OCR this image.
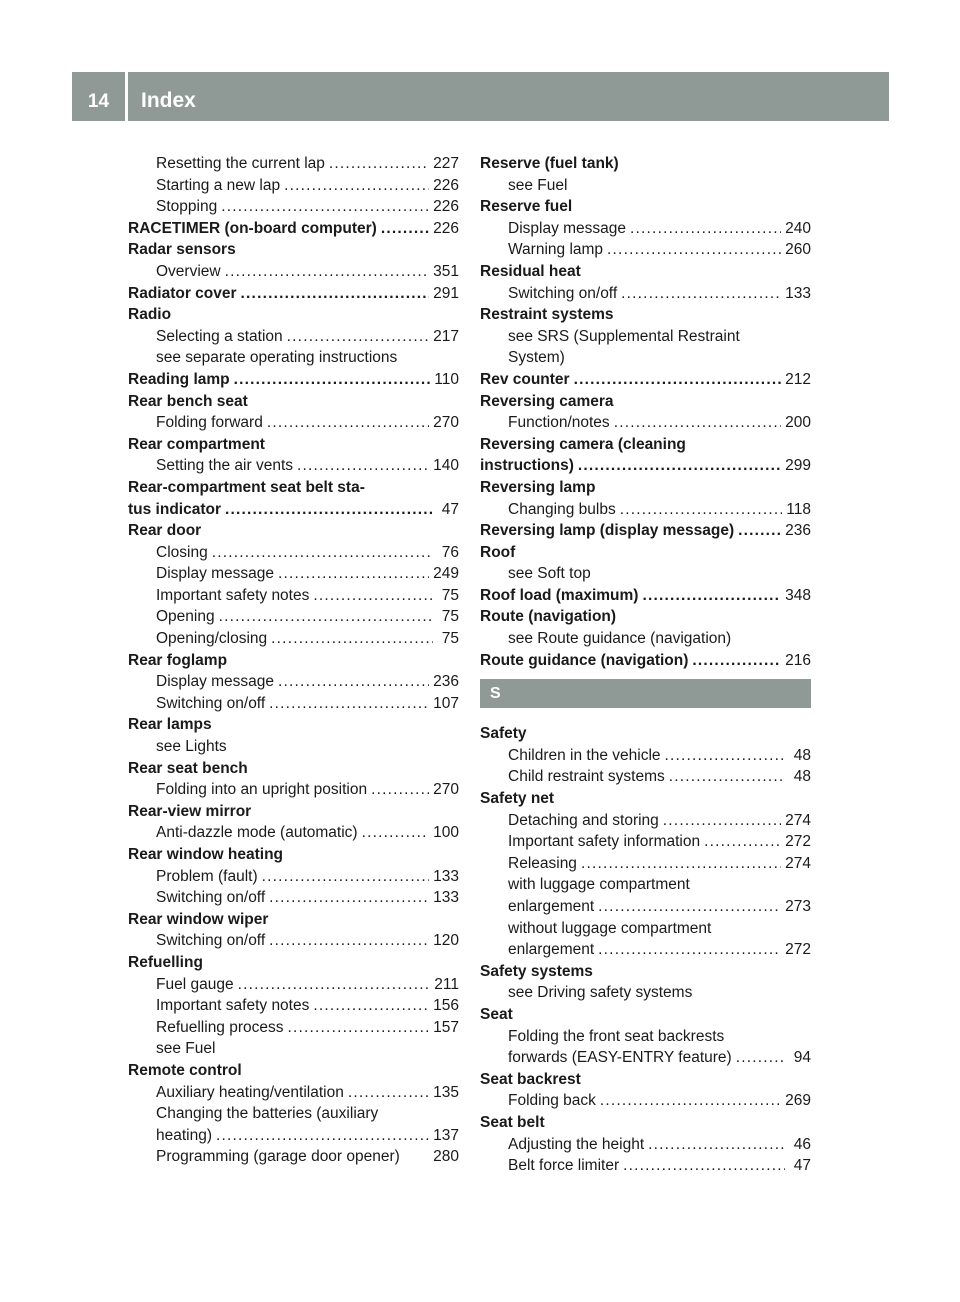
14	Index
Resetting the current lap .....	227
Starting a new lap .....	226
Stopping .....	226
RACETIMER (on-board computer) .....	226
Radar sensors
Overview .....	351
Radiator cover .....	291
Radio
Selecting a station .....	217
see separate operating instructions
Reading lamp .....	110
Rear bench seat
Folding forward .....	270
Rear compartment
Setting the air vents .....	140
Rear-compartment seat belt sta-
tus indicator .....	47
Rear door
Closing .....	76
Display message .....	249
Important safety notes .....	75
Opening .....	75
Opening/closing .....	75
Rear foglamp
Display message .....	236
Switching on/off .....	107
Rear lamps
see Lights
Rear seat bench
Folding into an upright position .....	270
Rear-view mirror
Anti-dazzle mode (automatic) .....	100
Rear window heating
Problem (fault) .....	133
Switching on/off .....	133
Rear window wiper
Switching on/off .....	120
Refuelling
Fuel gauge .....	211
Important safety notes .....	156
Refuelling process .....	157
see Fuel
Remote control
Auxiliary heating/ventilation .....	135
Changing the batteries (auxiliary
heating) .....	137
Programming (garage door opener) 280
Reserve (fuel tank)
see Fuel
Reserve fuel
Display message .....	240
Warning lamp .....	260
Residual heat
Switching on/off .....	133
Restraint systems
see SRS (Supplemental Restraint
System)
Rev counter .....	212
Reversing camera
Function/notes .....	200
Reversing camera (cleaning
instructions) .....	299
Reversing lamp
Changing bulbs .....	118
Reversing lamp (display message) .....	236
Roof
see Soft top
Roof load (maximum) .....	348
Route (navigation)
see Route guidance (navigation)
Route guidance (navigation) .....	216
S
Safety
Children in the vehicle .....	48
Child restraint systems .....	48
Safety net
Detaching and storing .....	274
Important safety information .....	272
Releasing .....	274
with luggage compartment
enlargement .....	273
without luggage compartment
enlargement .....	272
Safety systems
see Driving safety systems
Seat
Folding the front seat backrests
forwards (EASY-ENTRY feature) .....	94
Seat backrest
Folding back .....	269
Seat belt
Adjusting the height .....	46
Belt force limiter .....	47
